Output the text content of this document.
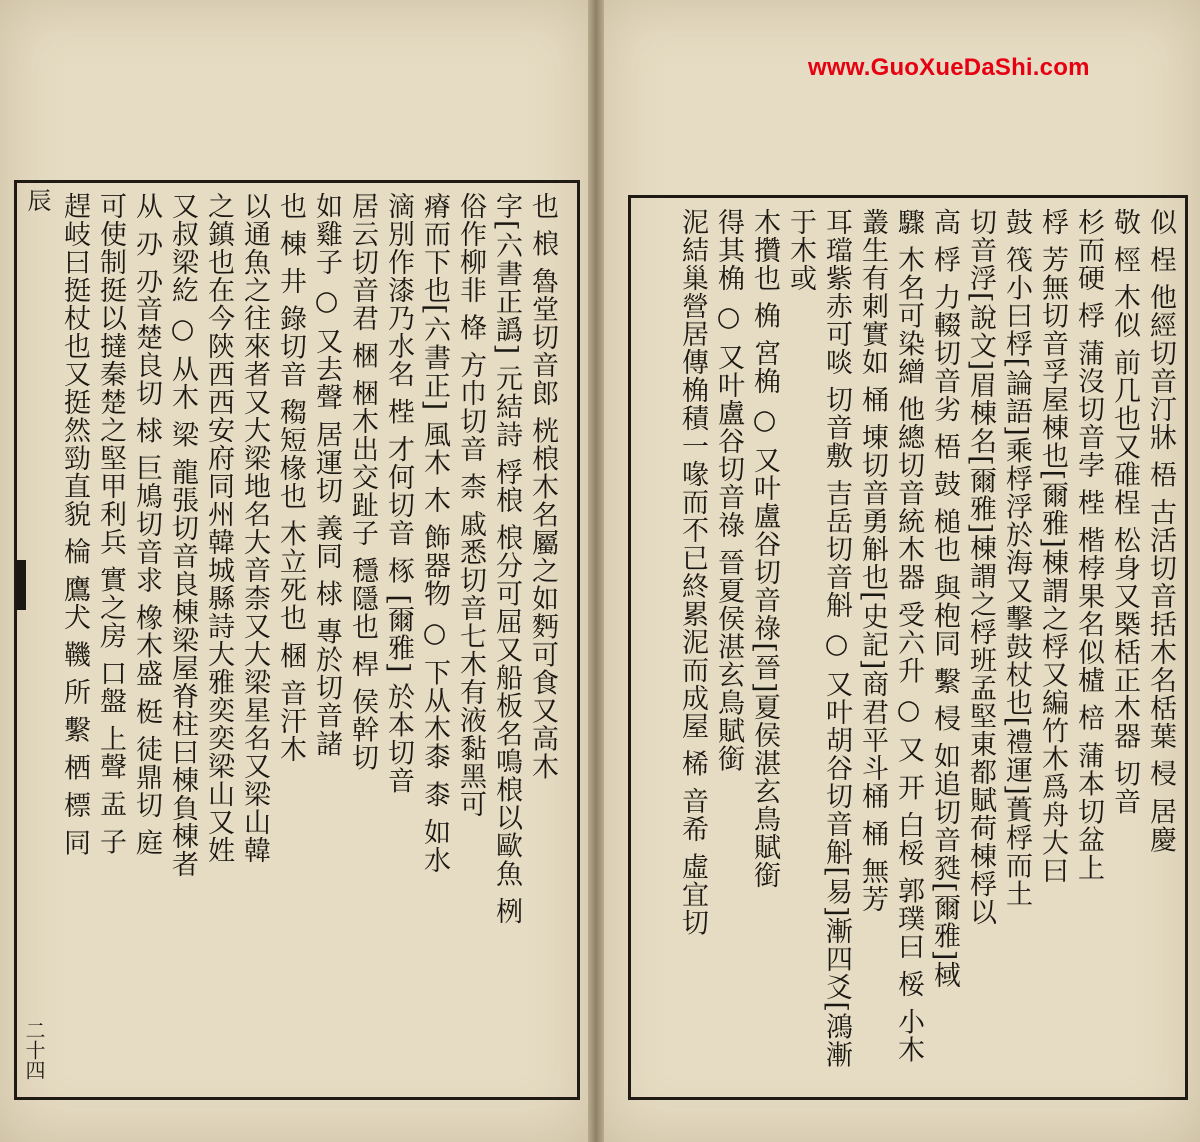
辰
二十四
也 桹 魯堂切音郎 桄桹木名屬之如麪可食又高木
字[六書正譌] 元結詩 桴桹 桹分可屈又船板名鳴桹以歐魚 栵
俗作柳非 栙 方巾切音 柰 戚悉切音七木有液黏黑可
瘠而下也[六書正] 風木 木 飾器物 ○ 下从木桼 桼 如水
滴別作漆乃水名 梐 才何切音 㭬 [爾雅] 於本切音
居云切音君 梱 梱木出交趾子 穩隱也 桿 侯幹切
如雞子 ○ 又去聲 居運切 義同 梂 專於切音諸
也 棟 井 錄切音 䅳短椽也 木立死也 棞 音汗木
以通魚之往來者又大梁地名大音柰又大梁星名又梁山韓
之鎮也在今陝西西安府同州韓城縣詩大雅奕奕梁山又姓
又叔梁紇 ○ 从木 梁 龍張切音良棟梁屋脊柱曰棟負棟者
从 刅 刅音楚良切 梂 巨鳩切音求 橡木盛 梃 徒鼎切 庭
可使制挺以撻秦楚之堅甲利兵 實之房 口盤 上聲 盂 子
趕岐曰挺杖也又挺然勁直貌 棆 鷹犬 鞿 所 繫 栖 標 同	似 桯 他經切音汀牀 梧 古活切音括木名栝葉 梫 居慶
敬 桱 木似 前几也又碓桯 松身又槩栝正木器 切音
杉而硬 桴 蒲沒切音孛 梐 楷桲果名似樝 棓 蒲本切盆上
桴 芳無切音孚屋棟也[爾雅]棟謂之桴又編竹木爲舟大曰
鼓 筏小曰桴[論語]乘桴浮於海又擊鼓杖也[禮運]蕢桴而土
切音浮[說文]眉棟名[爾雅]棟謂之桴班孟堅東都賦荷棟桴以
高 桴 力輟切音劣 梧 鼓 槌也 與枹同 繫 梫 如追切音甤[爾雅]棫
驟 木名可染繒 他總切音統木器 受六升 ○ 又 开 白桵 郭璞曰 桵 小木
叢生有刺實如 桶 埬切音勇斛也[史記]商君平斗桶 桶 無芳
耳璫紫赤可啖 切音敷 吉岳切音斛 ○ 又叶胡谷切音斛[易]漸四爻[鴻漸于木或
木攢也 桷 宮桷 ○ 又叶盧谷切音祿[晉]夏侯湛玄鳥賦銜
得其桷 ○ 又叶盧谷切音祿 晉夏侯湛玄鳥賦銜
泥結巢營居傳桷積一喙而不已終累泥而成屋 桸 音希 虛宜切
www.GuoXueDaShi.com
